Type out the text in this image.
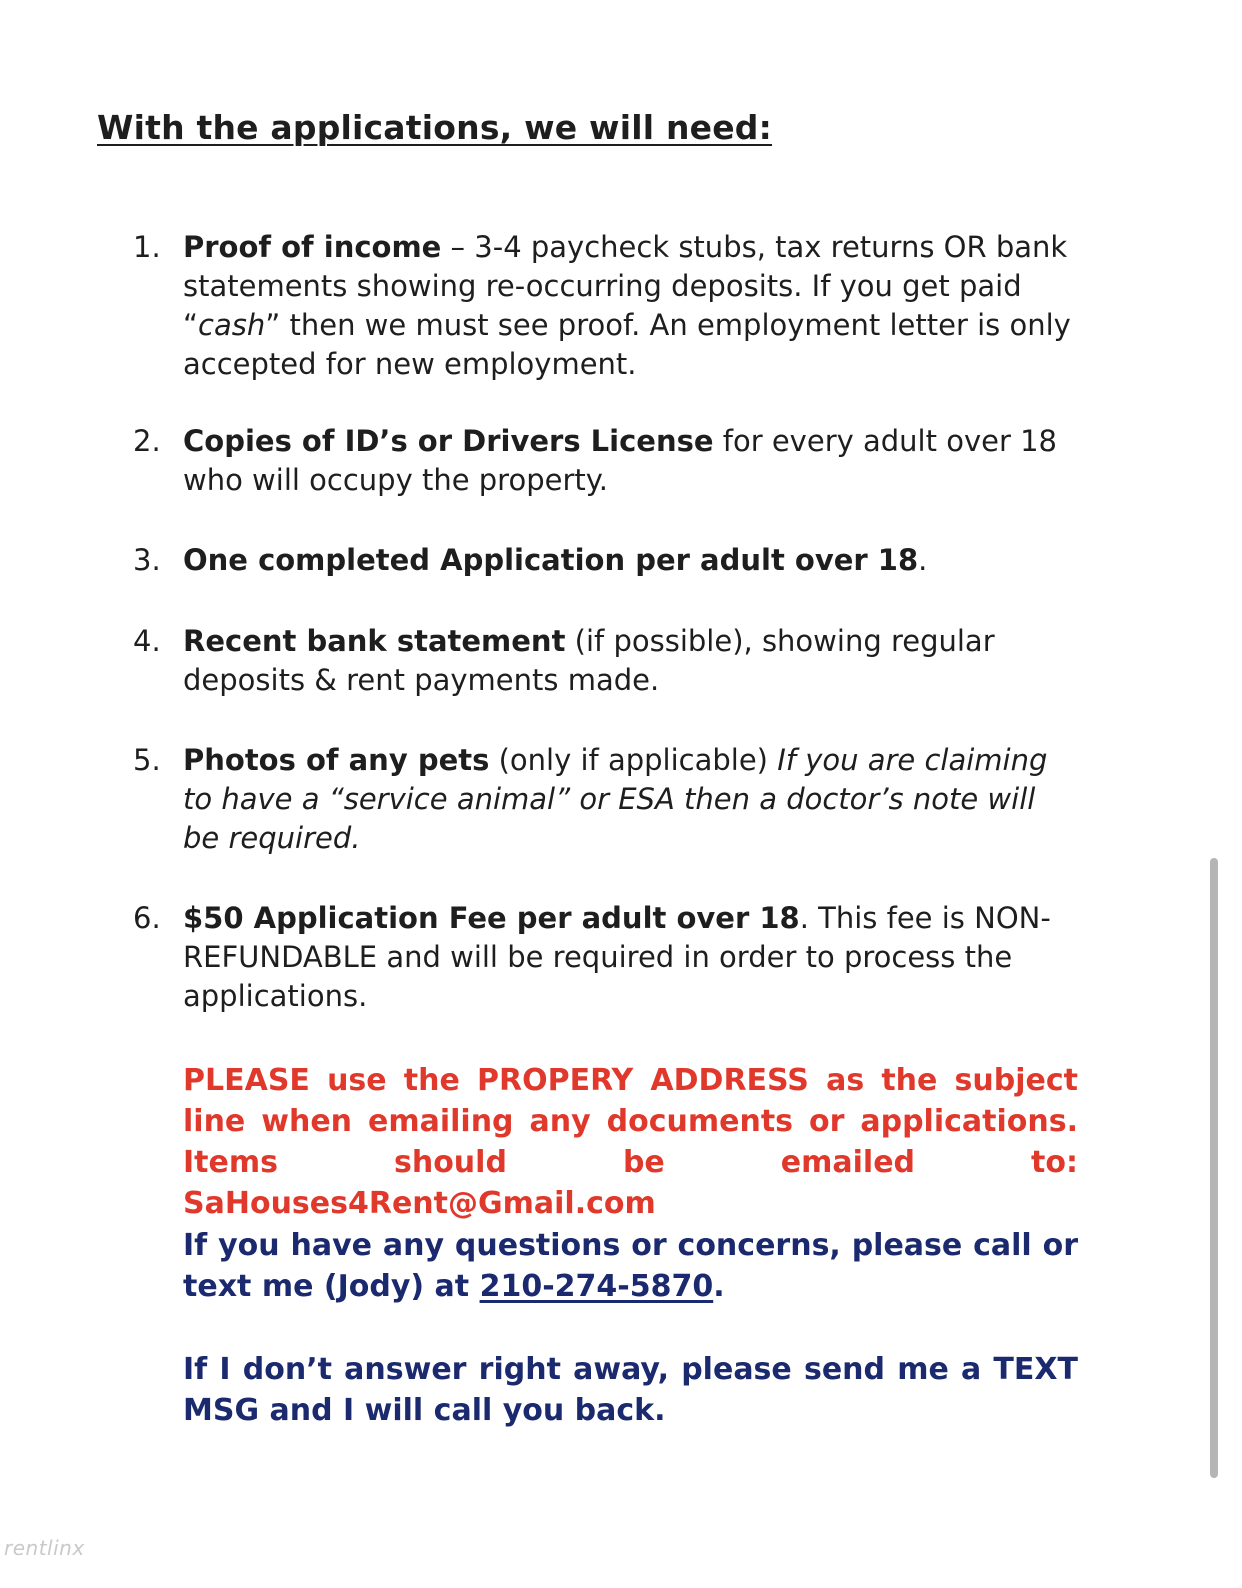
With the applications, we will need:
1. Proof of income – 3-4 paycheck stubs, tax returns OR bank statements showing re-occurring deposits. If you get paid “cash” then we must see proof. An employment letter is only accepted for new employment.
2. Copies of ID’s or Drivers License for every adult over 18 who will occupy the property.
3. One completed Application per adult over 18.
4. Recent bank statement (if possible), showing regular deposits & rent payments made.
5. Photos of any pets (only if applicable) If you are claiming to have a “service animal” or ESA then a doctor’s note will be required.
6. $50 Application Fee per adult over 18. This fee is NON-REFUNDABLE and will be required in order to process the applications.
PLEASE use the PROPERY ADDRESS as the subject line when emailing any documents or applications. Items should be emailed to: SaHouses4Rent@Gmail.com
If you have any questions or concerns, please call or text me (Jody) at 210-274-5870.
If I don’t answer right away, please send me a TEXT MSG and I will call you back.
rentlinx
